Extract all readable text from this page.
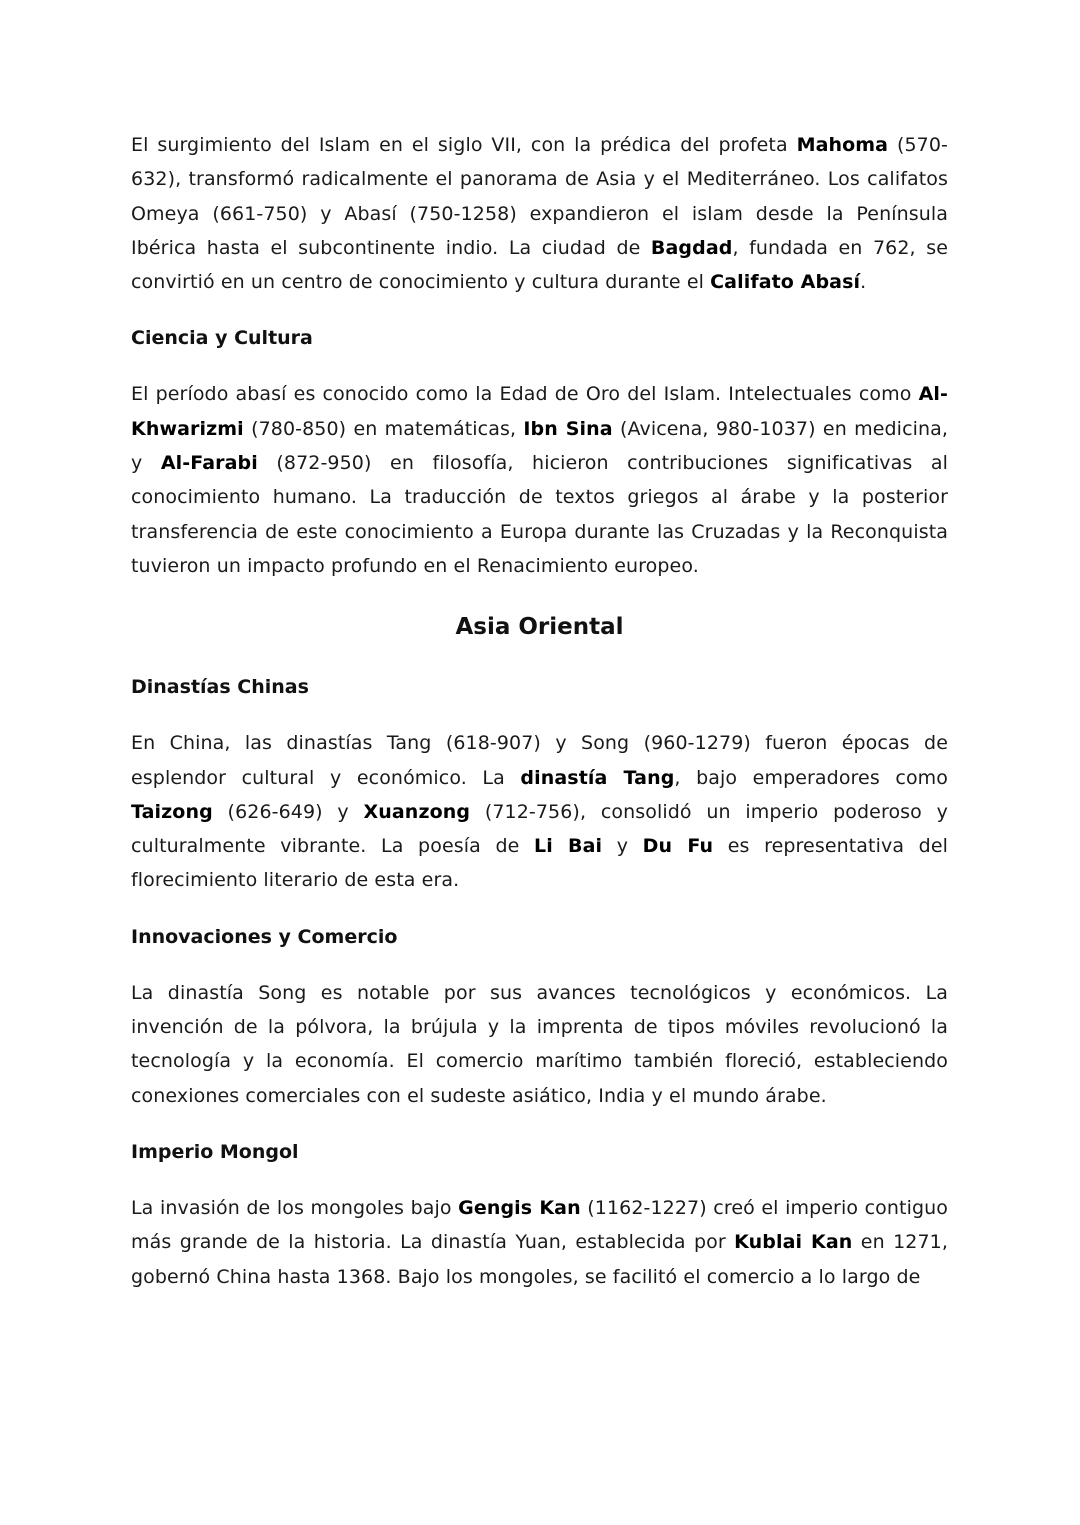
El surgimiento del Islam en el siglo VII, con la prédica del profeta Mahoma (570-632), transformó radicalmente el panorama de Asia y el Mediterráneo. Los califatos Omeya (661-750) y Abasí (750-1258) expandieron el islam desde la Península Ibérica hasta el subcontinente indio. La ciudad de Bagdad, fundada en 762, se convirtió en un centro de conocimiento y cultura durante el Califato Abasí.

Ciencia y Cultura

El período abasí es conocido como la Edad de Oro del Islam. Intelectuales como Al-Khwarizmi (780-850) en matemáticas, Ibn Sina (Avicena, 980-1037) en medicina, y Al-Farabi (872-950) en filosofía, hicieron contribuciones significativas al conocimiento humano. La traducción de textos griegos al árabe y la posterior transferencia de este conocimiento a Europa durante las Cruzadas y la Reconquista tuvieron un impacto profundo en el Renacimiento europeo.

Asia Oriental
Dinastías Chinas

En China, las dinastías Tang (618-907) y Song (960-1279) fueron épocas de esplendor cultural y económico. La dinastía Tang, bajo emperadores como Taizong (626-649) y Xuanzong (712-756), consolidó un imperio poderoso y culturalmente vibrante. La poesía de Li Bai y Du Fu es representativa del florecimiento literario de esta era.

Innovaciones y Comercio

La dinastía Song es notable por sus avances tecnológicos y económicos. La invención de la pólvora, la brújula y la imprenta de tipos móviles revolucionó la tecnología y la economía. El comercio marítimo también floreció, estableciendo conexiones comerciales con el sudeste asiático, India y el mundo árabe.

Imperio Mongol

La invasión de los mongoles bajo Gengis Kan (1162-1227) creó el imperio contiguo más grande de la historia. La dinastía Yuan, establecida por Kublai Kan en 1271, gobernó China hasta 1368. Bajo los mongoles, se facilitó el comercio a lo largo de
